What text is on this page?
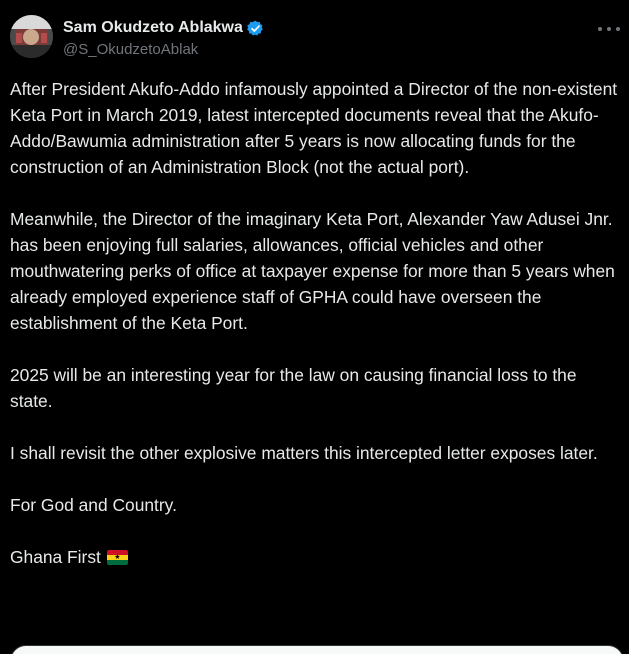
Sam Okudzeto Ablakwa
@S_OkudzetoAblak

After President Akufo-Addo infamously appointed a Director of the non-existent Keta Port in March 2019, latest intercepted documents reveal that the Akufo-Addo/Bawumia administration after 5 years is now allocating funds for the construction of an Administration Block (not the actual port).

Meanwhile, the Director of the imaginary Keta Port, Alexander Yaw Adusei Jnr. has been enjoying full salaries, allowances, official vehicles and other mouthwatering perks of office at taxpayer expense for more than 5 years when already employed experience staff of GPHA could have overseen the establishment of the Keta Port.

2025 will be an interesting year for the law on causing financial loss to the state.

I shall revisit the other explosive matters this intercepted letter exposes later.

For God and Country.

Ghana First	★
